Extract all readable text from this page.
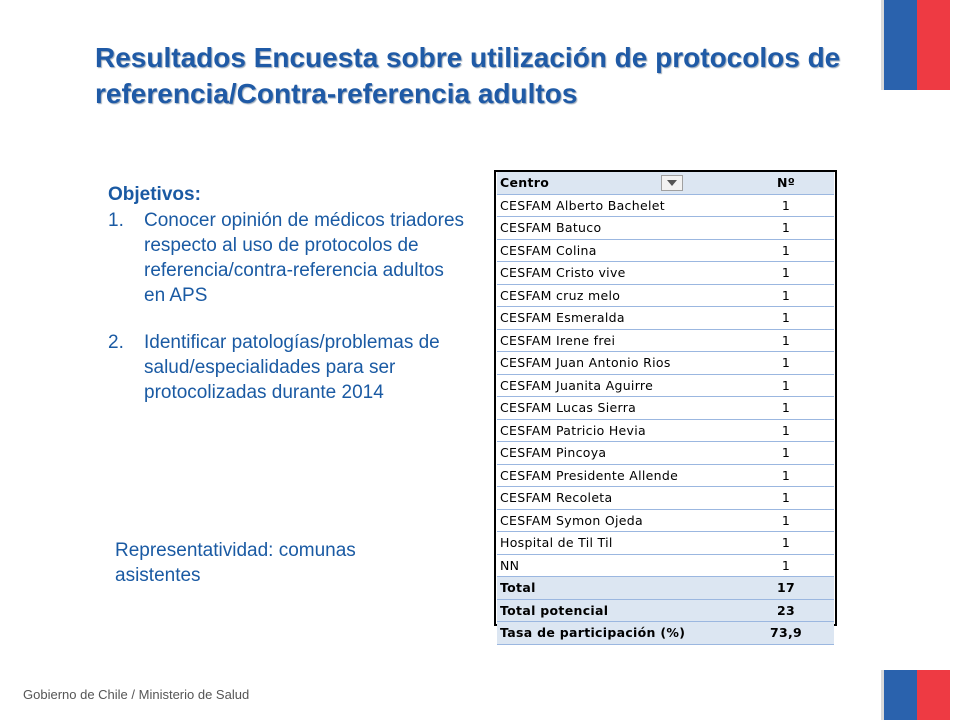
Resultados Encuesta sobre utilización de protocolos de referencia/Contra-referencia adultos
Objetivos:
1.	Conocer opinión de médicos triadores respecto al uso de protocolos de referencia/contra-referencia adultos en APS
2.	Identificar patologías/problemas de salud/especialidades para ser protocolizadas durante 2014
Representatividad: comunas asistentes
Gobierno de Chile / Ministerio de Salud
Centro	Nº
CESFAM Alberto Bachelet	1
CESFAM Batuco	1
CESFAM Colina	1
CESFAM Cristo vive	1
CESFAM cruz melo	1
CESFAM Esmeralda	1
CESFAM Irene frei	1
CESFAM Juan Antonio Rios	1
CESFAM Juanita Aguirre	1
CESFAM Lucas Sierra	1
CESFAM Patricio Hevia	1
CESFAM Pincoya	1
CESFAM Presidente Allende	1
CESFAM Recoleta	1
CESFAM Symon Ojeda	1
Hospital de Til Til	1
NN	1
Total	17
Total potencial	23
Tasa de participación (%)	73,9
